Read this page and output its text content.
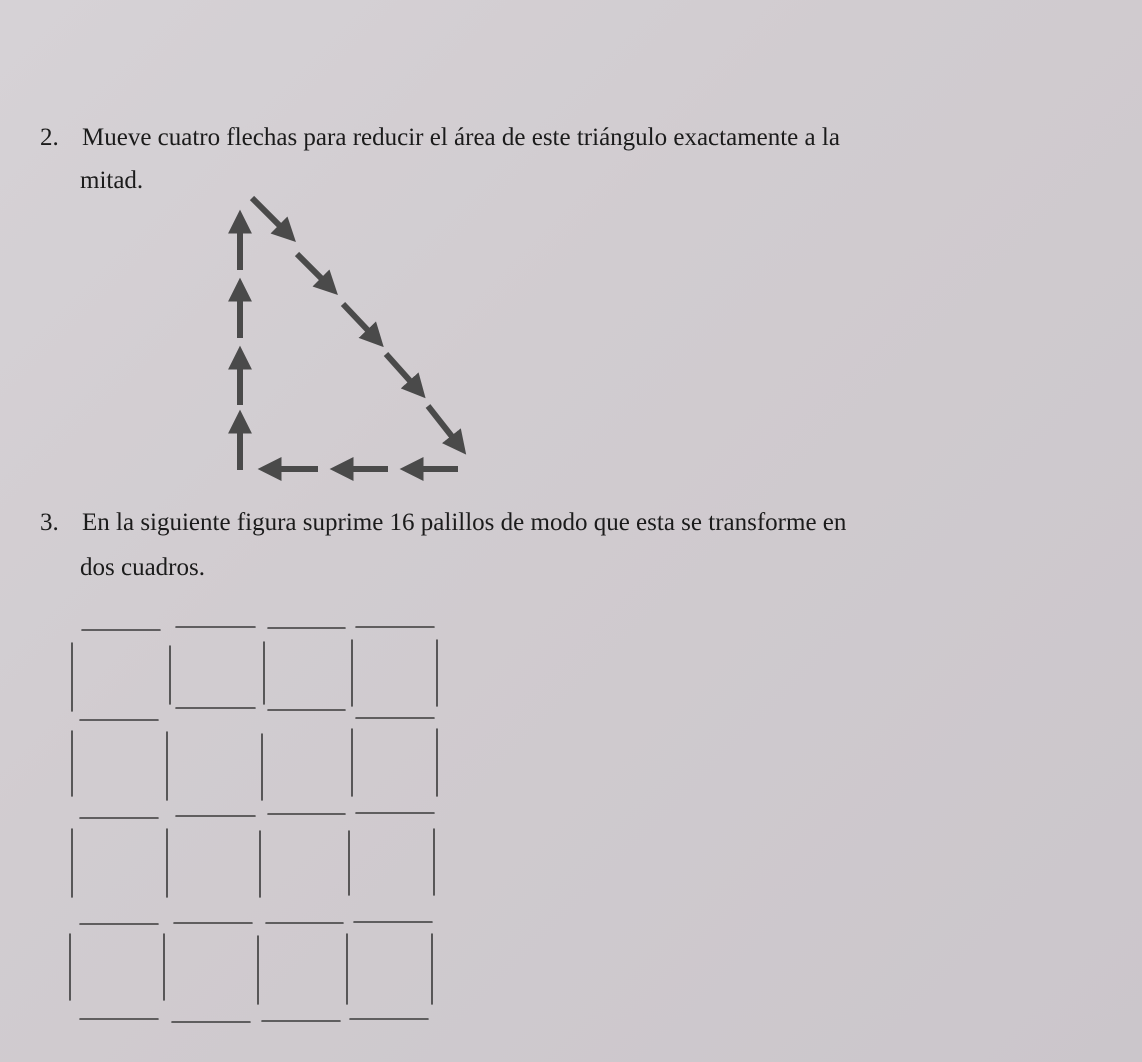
2. Mueve cuatro flechas para reducir el área de este triángulo exactamente a la

mitad.

3. En la siguiente figura suprime 16 palillos de modo que esta se transforme en

dos cuadros.
